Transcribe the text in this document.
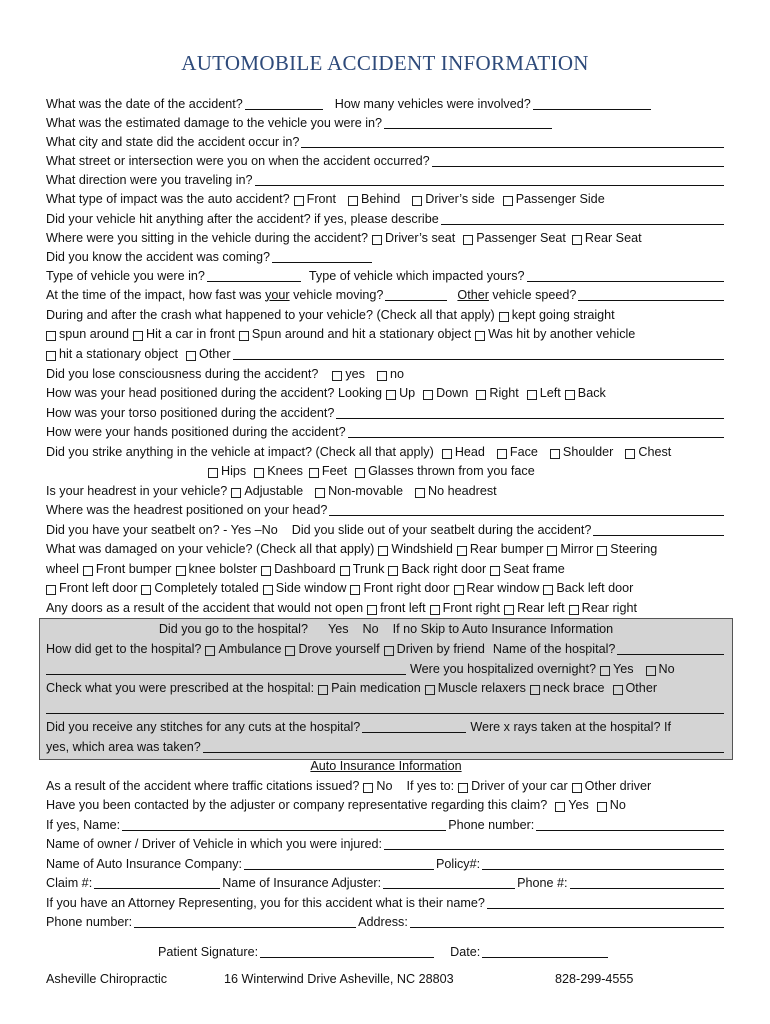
AUTOMOBILE ACCIDENT INFORMATION
What was the date of the accident?	How many vehicles were involved?
What was the estimated damage to the vehicle you were in?
What city and state did the accident occur in?
What street or intersection were you on when the accident occurred?
What direction were you traveling in?
What type of impact was the auto accident? Front Behind Driver’s side Passenger Side
Did your vehicle hit anything after the accident? if yes, please describe
Where were you sitting in the vehicle during the accident? Driver’s seat Passenger Seat Rear Seat
Did you know the accident was coming?
Type of vehicle you were in?	Type of vehicle which impacted yours?
At the time of the impact, how fast was
your
vehicle moving?	Other
vehicle speed?
During and after the crash what happened to your vehicle? (Check all that apply) kept going straight
spun around Hit a car in front Spun around and hit a stationary object Was hit by another vehicle
hit a stationary object Other
Did you lose consciousness during the accident? yes no
How was your head positioned during the accident? Looking Up Down Right Left Back
How was your torso positioned during the accident?
How were your hands positioned during the accident?
Did you strike anything in the vehicle at impact? (Check all that apply) Head Face Shoulder Chest
Hips Knees Feet Glasses thrown from you face
Is your headrest in your vehicle? Adjustable Non-movable No headrest
Where was the headrest positioned on your head?
Did you have your seatbelt on? - Yes –No Did you slide out of your seatbelt during the accident?
What was damaged on your vehicle? (Check all that apply) Windshield Rear bumper Mirror Steering
wheel Front bumper knee bolster Dashboard Trunk Back right door Seat frame
Front left door Completely totaled Side window Front right door Rear window Back left door
Any doors as a result of the accident that would not open front left Front right Rear left Rear right
Did you go to the hospital? Yes No If no Skip to Auto Insurance Information
How did get to the hospital? Ambulance Drove yourself Driven by friend Name of the hospital?
Were you hospitalized overnight? Yes No
Check what you were prescribed at the hospital: Pain medication Muscle relaxers neck brace Other
Did you receive any stitches for any cuts at the hospital?	Were x rays taken at the hospital? If
yes, which area was taken?
Auto Insurance Information
As a result of the accident where traffic citations issued? No If yes to: Driver of your car Other driver
Have you been contacted by the adjuster or company representative regarding this claim? Yes No
If yes, Name:	Phone number:
Name of owner / Driver of Vehicle in which you were injured:
Name of Auto Insurance Company:	Policy#:
Claim #:	Name of Insurance Adjuster:	Phone #:
If you have an Attorney Representing, you for this accident what is their name?
Phone number:	Address:
Patient Signature:	Date:
Asheville Chiropractic	16 Winterwind Drive Asheville, NC 28803	828-299-4555
